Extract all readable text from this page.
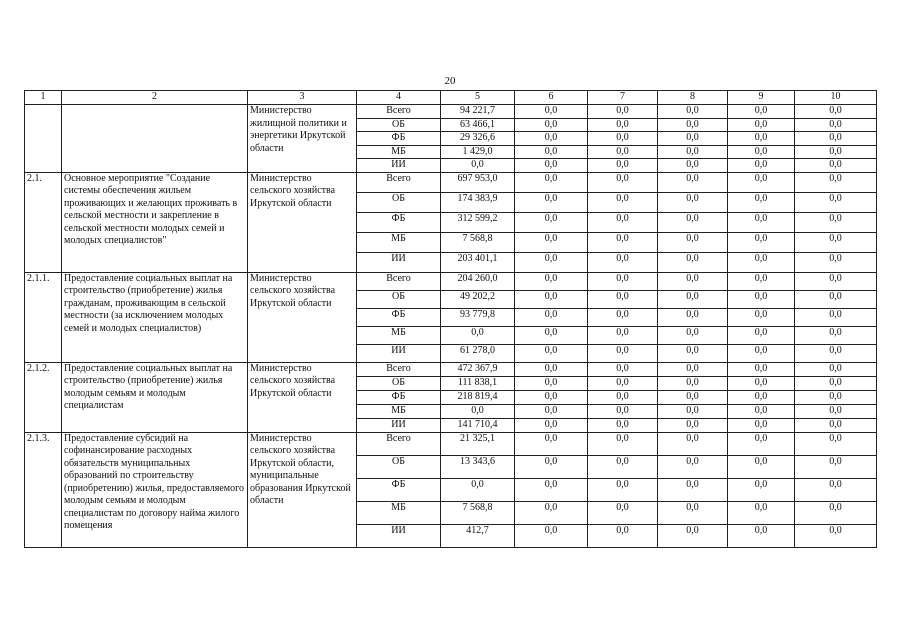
20
1	2	3	4	5	6	7	8	9	10
		Министерство жилищной политики и энергетики Иркутской области	Всего	94 221,7	0,0	0,0	0,0	0,0	0,0
			ОБ	63 466,1	0,0	0,0	0,0	0,0	0,0
			ФБ	29 326,6	0,0	0,0	0,0	0,0	0,0
			МБ	1 429,0	0,0	0,0	0,0	0,0	0,0
			ИИ	0,0	0,0	0,0	0,0	0,0	0,0
2.1.	Основное мероприятие "Создание системы обеспечения жильем проживающих и желающих проживать в сельской местности и закрепление в сельской местности молодых семей и молодых специалистов"	Министерство сельского хозяйства Иркутской области	Всего	697 953,0	0,0	0,0	0,0	0,0	0,0
			ОБ	174 383,9	0,0	0,0	0,0	0,0	0,0
			ФБ	312 599,2	0,0	0,0	0,0	0,0	0,0
			МБ	7 568,8	0,0	0,0	0,0	0,0	0,0
			ИИ	203 401,1	0,0	0,0	0,0	0,0	0,0
2.1.1.	Предоставление социальных выплат на строительство (приобретение) жилья гражданам, проживающим в сельской местности (за исключением молодых семей и молодых специалистов)	Министерство сельского хозяйства Иркутской области	Всего	204 260,0	0,0	0,0	0,0	0,0	0,0
			ОБ	49 202,2	0,0	0,0	0,0	0,0	0,0
			ФБ	93 779,8	0,0	0,0	0,0	0,0	0,0
			МБ	0,0	0,0	0,0	0,0	0,0	0,0
			ИИ	61 278,0	0,0	0,0	0,0	0,0	0,0
2.1.2.	Предоставление социальных выплат на строительство (приобретение) жилья молодым семьям и молодым специалистам	Министерство сельского хозяйства Иркутской области	Всего	472 367,9	0,0	0,0	0,0	0,0	0,0
			ОБ	111 838,1	0,0	0,0	0,0	0,0	0,0
			ФБ	218 819,4	0,0	0,0	0,0	0,0	0,0
			МБ	0,0	0,0	0,0	0,0	0,0	0,0
			ИИ	141 710,4	0,0	0,0	0,0	0,0	0,0
2.1.3.	Предоставление субсидий на софинансирование расходных обязательств муниципальных образований по строительству (приобретению) жилья, предоставляемого молодым семьям и молодым специалистам по договору найма жилого помещения	Министерство сельского хозяйства Иркутской области, муниципальные образования Иркутской области	Всего	21 325,1	0,0	0,0	0,0	0,0	0,0
			ОБ	13 343,6	0,0	0,0	0,0	0,0	0,0
			ФБ	0,0	0,0	0,0	0,0	0,0	0,0
			МБ	7 568,8	0,0	0,0	0,0	0,0	0,0
			ИИ	412,7	0,0	0,0	0,0	0,0	0,0
